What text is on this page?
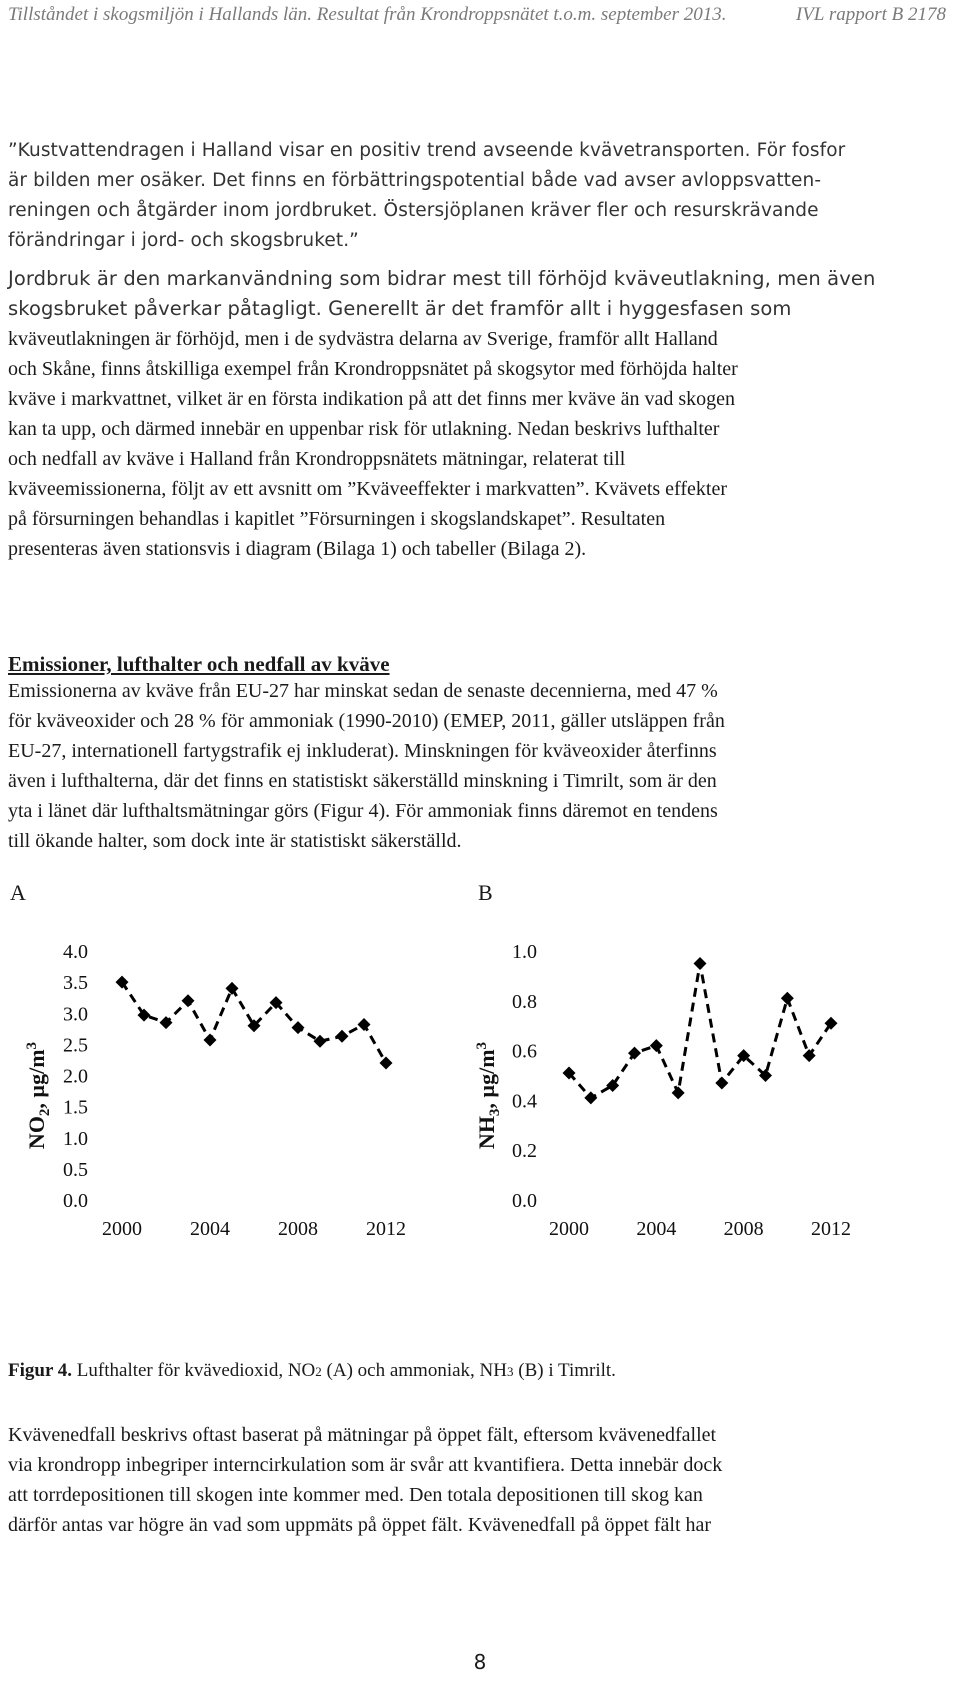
Tillståndet i skogsmiljön i Hallands län. Resultat från Krondroppsnätet t.o.m. september 2013.	IVL rapport B 2178
”Kustvattendragen i Halland visar en positiv trend avseende kvävetransporten. För fosfor
är bilden mer osäker. Det finns en förbättringspotential både vad avser avloppsvatten-
reningen och åtgärder inom jordbruket. Östersjöplanen kräver fler och resurskrävande
förändringar i jord- och skogsbruket.”
Jordbruk är den markanvändning som bidrar mest till förhöjd kväveutlakning, men även
skogsbruket påverkar påtagligt. Generellt är det framför allt i hyggesfasen som
kväveutlakningen är förhöjd, men i de sydvästra delarna av Sverige, framför allt Halland
och Skåne, finns åtskilliga exempel från Krondroppsnätet på skogsytor med förhöjda halter
kväve i markvattnet, vilket är en första indikation på att det finns mer kväve än vad skogen
kan ta upp, och därmed innebär en uppenbar risk för utlakning. Nedan beskrivs lufthalter
och nedfall av kväve i Halland från Krondroppsnätets mätningar, relaterat till
kväveemissionerna, följt av ett avsnitt om ”Kväveeffekter i markvatten”. Kvävets effekter
på försurningen behandlas i kapitlet ”Försurningen i skogslandskapet”. Resultaten
presenteras även stationsvis i diagram (Bilaga 1) och tabeller (Bilaga 2).
Emissioner, lufthalter och nedfall av kväve
Emissionerna av kväve från EU-27 har minskat sedan de senaste decennierna, med 47 %
för kväveoxider och 28 % för ammoniak (1990-2010) (EMEP, 2011, gäller utsläppen från
EU-27, internationell fartygstrafik ej inkluderat). Minskningen för kväveoxider återfinns
även i lufthalterna, där det finns en statistiskt säkerställd minskning i Timrilt, som är den
yta i länet där lufthaltsmätningar görs (Figur 4). För ammoniak finns däremot en tendens
till ökande halter, som dock inte är statistiskt säkerställd.
A	B
0.0
0.5
1.0
1.5
2.0
2.5
3.0
3.5
4.0
2000 2004 2008 2012
$NO_2$, $\mu g/m^3$
0.0
0.2
0.4
0.6
0.8
1.0
2000 2004 2008 2012
$NH_3$, $\mu g/m^3$
Figur 4. Lufthalter för kvävedioxid, NO2 (A) och ammoniak, NH3 (B) i Timrilt.
Kvävenedfall beskrivs oftast baserat på mätningar på öppet fält, eftersom kvävenedfallet
via krondropp inbegriper interncirkulation som är svår att kvantifiera. Detta innebär dock
att torrdepositionen till skogen inte kommer med. Den totala depositionen till skog kan
därför antas var högre än vad som uppmäts på öppet fält. Kvävenedfall på öppet fält har
8
